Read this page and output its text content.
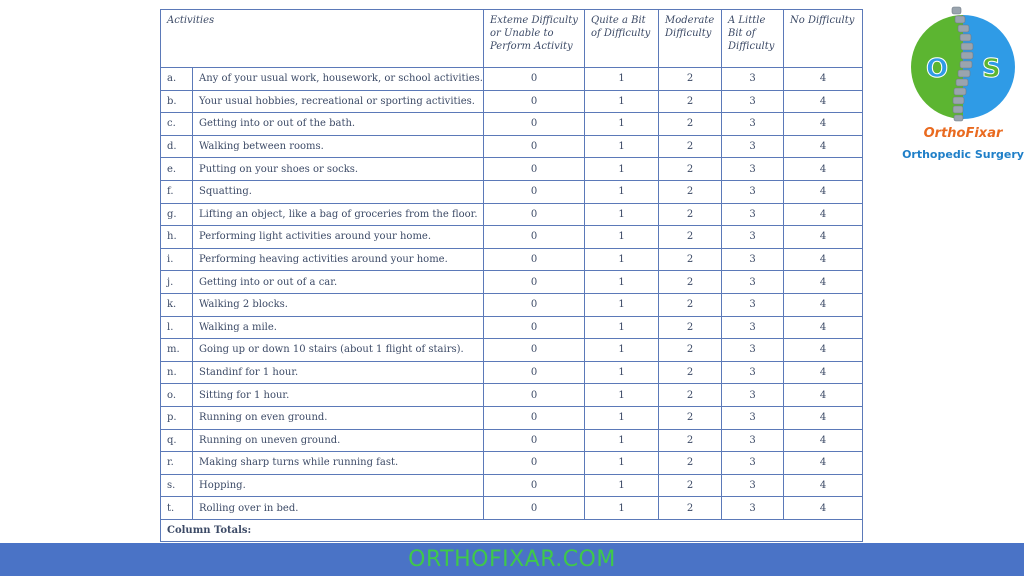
Activities		Exteme Difficulty or Unable to Perform Activity	Quite a Bit of Difficulty	Moderate Difficulty	A Little Bit of Difficulty	No Difficulty
a.	Any of your usual work, housework, or school activities.	0	1	2	3	4
b.	Your usual hobbies, recreational or sporting activities.	0	1	2	3	4
c.	Getting into or out of the bath.	0	1	2	3	4
d.	Walking between rooms.	0	1	2	3	4
e.	Putting on your shoes or socks.	0	1	2	3	4
f.	Squatting.	0	1	2	3	4
g.	Lifting an object, like a bag of groceries from the floor.	0	1	2	3	4
h.	Performing light activities around your home.	0	1	2	3	4
i.	Performing heaving activities around your home.	0	1	2	3	4
j.	Getting into or out of a car.	0	1	2	3	4
k.	Walking 2 blocks.	0	1	2	3	4
l.	Walking a mile.	0	1	2	3	4
m.	Going up or down 10 stairs (about 1 flight of stairs).	0	1	2	3	4
n.	Standinf for 1 hour.	0	1	2	3	4
o.	Sitting for 1 hour.	0	1	2	3	4
p.	Running on even ground.	0	1	2	3	4
q.	Running on uneven ground.	0	1	2	3	4
r.	Making sharp turns while running fast.	0	1	2	3	4
s.	Hopping.	0	1	2	3	4
t.	Rolling over in bed.	0	1	2	3	4
Column Totals:						
O S
OrthoFixar
Orthopedic Surgery
ORTHOFIXAR.COM
